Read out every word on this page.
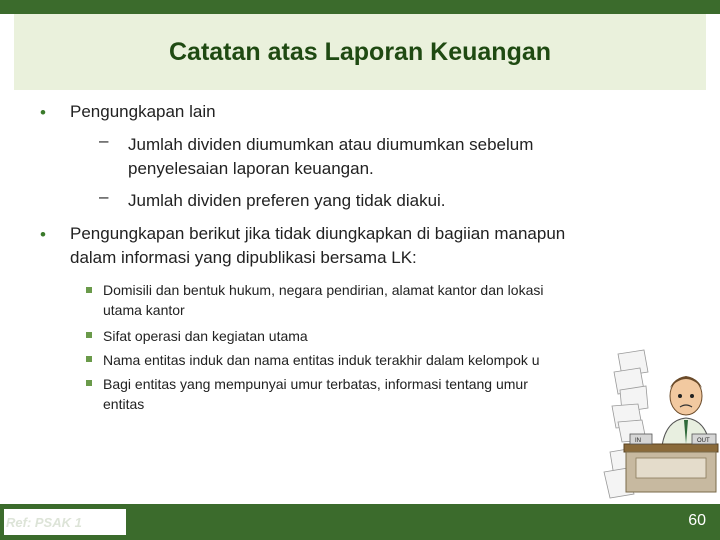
Catatan atas Laporan Keuangan
• Pengungkapan lain
– Jumlah dividen diumumkan atau diumumkan sebelum
penyelesaian laporan keuangan.
– Jumlah dividen preferen yang tidak diakui.
• Pengungkapan berikut jika tidak diungkapkan di bagiian manapun
dalam informasi yang dipublikasi bersama LK:
Domisili dan bentuk hukum, negara pendirian, alamat kantor dan lokasi
utama kantor
Sifat operasi dan kegiatan utama
Nama entitas induk dan nama entitas induk terakhir dalam kelompok u
Bagi entitas yang mempunyai umur terbatas, informasi tentang umur
entitas
IN	OUT
Ref: PSAK 1	60
